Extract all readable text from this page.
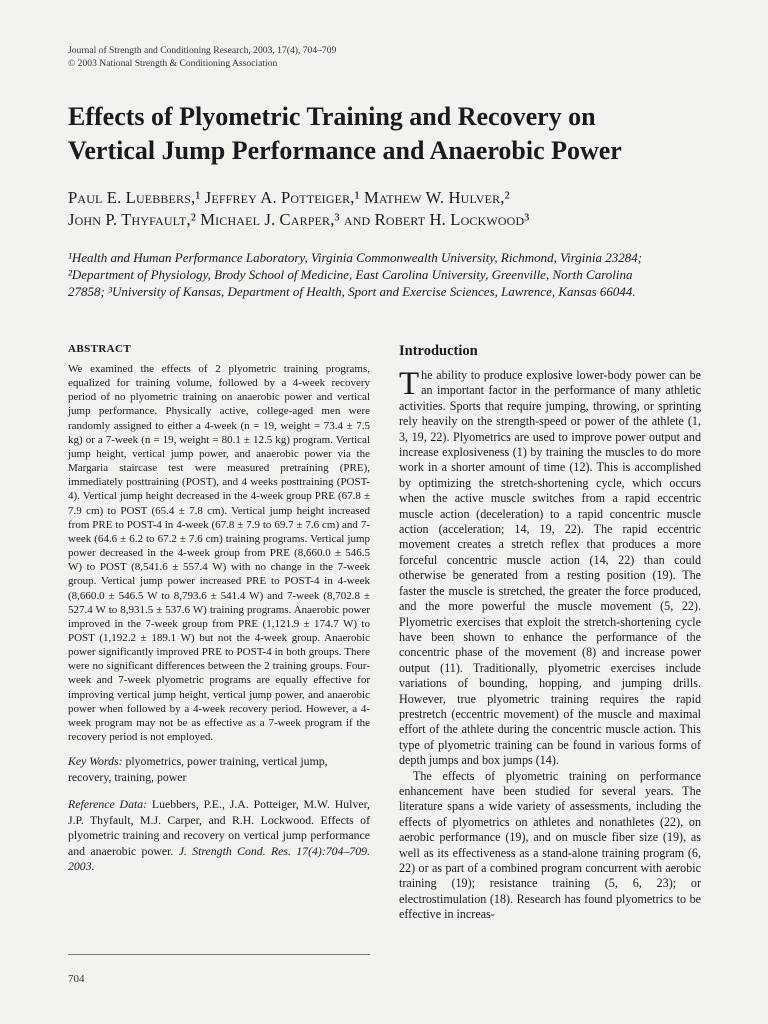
Journal of Strength and Conditioning Research, 2003, 17(4), 704–709
© 2003 National Strength & Conditioning Association
Effects of Plyometric Training and Recovery on
Vertical Jump Performance and Anaerobic Power
Paul E. Luebbers,¹ Jeffrey A. Potteiger,¹ Mathew W. Hulver,²
John P. Thyfault,² Michael J. Carper,³ and Robert H. Lockwood³
¹Health and Human Performance Laboratory, Virginia Commonwealth University, Richmond, Virginia 23284;
²Department of Physiology, Brody School of Medicine, East Carolina University, Greenville, North Carolina
27858; ³University of Kansas, Department of Health, Sport and Exercise Sciences, Lawrence, Kansas 66044.
ABSTRACT
We examined the effects of 2 plyometric training programs, equalized for training volume, followed by a 4-week recovery period of no plyometric training on anaerobic power and vertical jump performance. Physically active, college-aged men were randomly assigned to either a 4-week (n = 19, weight = 73.4 ± 7.5 kg) or a 7-week (n = 19, weight = 80.1 ± 12.5 kg) program. Vertical jump height, vertical jump power, and anaerobic power via the Margaria staircase test were measured pretraining (PRE), immediately posttraining (POST), and 4 weeks posttraining (POST-4). Vertical jump height decreased in the 4-week group PRE (67.8 ± 7.9 cm) to POST (65.4 ± 7.8 cm). Vertical jump height increased from PRE to POST-4 in 4-week (67.8 ± 7.9 to 69.7 ± 7.6 cm) and 7-week (64.6 ± 6.2 to 67.2 ± 7.6 cm) training programs. Vertical jump power decreased in the 4-week group from PRE (8,660.0 ± 546.5 W) to POST (8,541.6 ± 557.4 W) with no change in the 7-week group. Vertical jump power increased PRE to POST-4 in 4-week (8,660.0 ± 546.5 W to 8,793.6 ± 541.4 W) and 7-week (8,702.8 ± 527.4 W to 8,931.5 ± 537.6 W) training programs. Anaerobic power improved in the 7-week group from PRE (1,121.9 ± 174.7 W) to POST (1,192.2 ± 189.1 W) but not the 4-week group. Anaerobic power significantly improved PRE to POST-4 in both groups. There were no significant differences between the 2 training groups. Four-week and 7-week plyometric programs are equally effective for improving vertical jump height, vertical jump power, and anaerobic power when followed by a 4-week recovery period. However, a 4-week program may not be as effective as a 7-week program if the recovery period is not employed.
Key Words: plyometrics, power training, vertical jump, recovery, training, power
Reference Data: Luebbers, P.E., J.A. Potteiger, M.W. Hulver, J.P. Thyfault, M.J. Carper, and R.H. Lockwood. Effects of plyometric training and recovery on vertical jump performance and anaerobic power. J. Strength Cond. Res. 17(4):704–709. 2003.
704
Introduction
The ability to produce explosive lower-body power can be an important factor in the performance of many athletic activities. Sports that require jumping, throwing, or sprinting rely heavily on the strength-speed or power of the athlete (1, 3, 19, 22). Plyometrics are used to improve power output and increase explosiveness (1) by training the muscles to do more work in a shorter amount of time (12). This is accomplished by optimizing the stretch-shortening cycle, which occurs when the active muscle switches from a rapid eccentric muscle action (deceleration) to a rapid concentric muscle action (acceleration; 14, 19, 22). The rapid eccentric movement creates a stretch reflex that produces a more forceful concentric muscle action (14, 22) than could otherwise be generated from a resting position (19). The faster the muscle is stretched, the greater the force produced, and the more powerful the muscle movement (5, 22). Plyometric exercises that exploit the stretch-shortening cycle have been shown to enhance the performance of the concentric phase of the movement (8) and increase power output (11). Traditionally, plyometric exercises include variations of bounding, hopping, and jumping drills. However, true plyometric training requires the rapid prestretch (eccentric movement) of the muscle and maximal effort of the athlete during the concentric muscle action. This type of plyometric training can be found in various forms of depth jumps and box jumps (14).
The effects of plyometric training on performance enhancement have been studied for several years. The literature spans a wide variety of assessments, including the effects of plyometrics on athletes and nonathletes (22), on aerobic performance (19), and on muscle fiber size (19), as well as its effectiveness as a stand-alone training program (6, 22) or as part of a combined program concurrent with aerobic training (19); resistance training (5, 6, 23); or electrostimulation (18). Research has found plyometrics to be effective in increas-
